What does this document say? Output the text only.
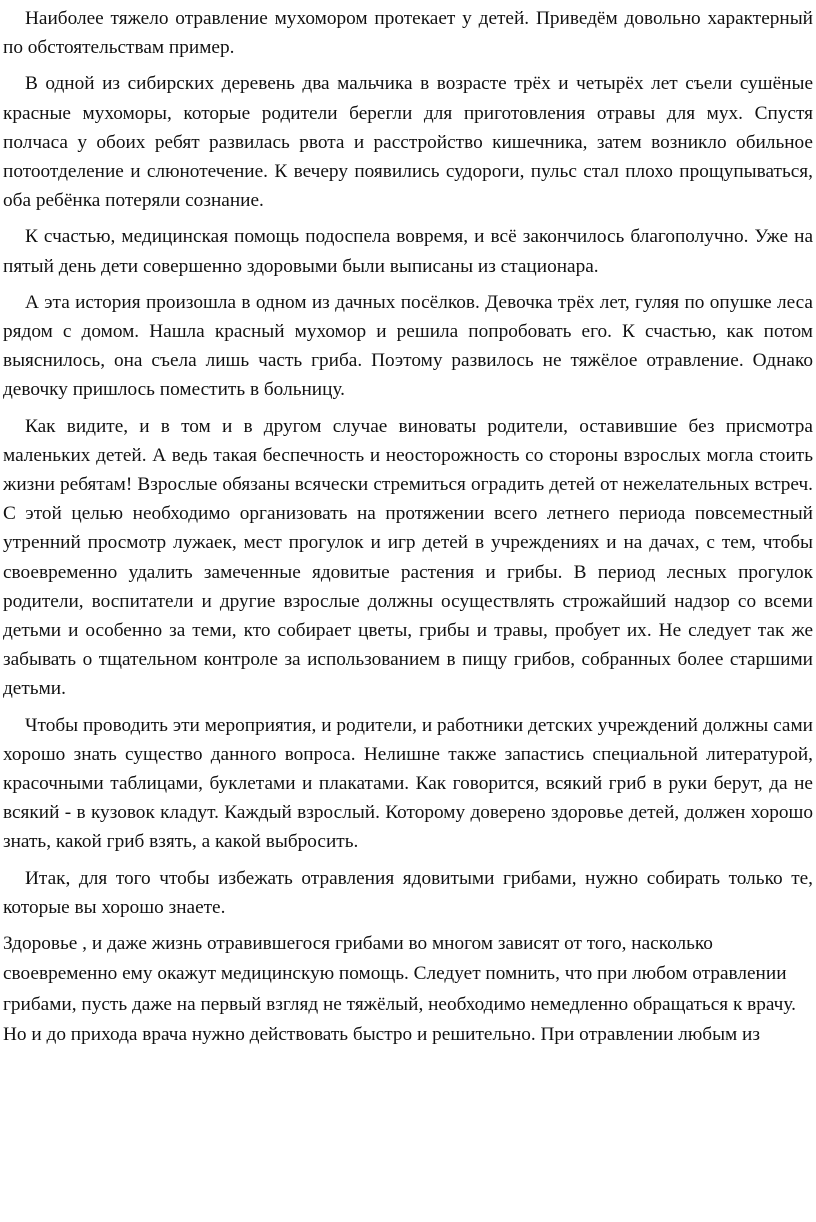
Наиболее тяжело отравление мухомором протекает у детей. Приведём довольно характерный по обстоятельствам пример.

В одной из сибирских деревень два мальчика в возрасте трёх и четырёх лет съели сушёные красные мухоморы, которые родители берегли для приготовления отравы для мух. Спустя полчаса у обоих ребят развилась рвота и расстройство кишечника, затем возникло обильное потоотделение и слюнотечение. К вечеру появились судороги, пульс стал плохо прощупываться, оба ребёнка потеряли сознание.

К счастью, медицинская помощь подоспела вовремя, и всё закончилось благополучно. Уже на пятый день дети совершенно здоровыми были выписаны из стационара.

А эта история произошла в одном из дачных посёлков. Девочка трёх лет, гуляя по опушке леса рядом с домом. Нашла красный мухомор и решила попробовать его. К счастью, как потом выяснилось, она съела лишь часть гриба. Поэтому развилось не тяжёлое отравление. Однако девочку пришлось поместить в больницу.

Как видите, и в том и в другом случае виноваты родители, оставившие без присмотра маленьких детей. А ведь такая беспечность и неосторожность со стороны взрослых могла стоить жизни ребятам! Взрослые обязаны всячески стремиться оградить детей от нежелательных встреч. С этой целью необходимо организовать на протяжении всего летнего периода повсеместный утренний просмотр лужаек, мест прогулок и игр детей в учреждениях и на дачах, с тем, чтобы своевременно удалить замеченные ядовитые растения и грибы. В период лесных прогулок родители, воспитатели и другие взрослые должны осуществлять строжайший надзор со всеми детьми и особенно за теми, кто собирает цветы, грибы и травы, пробует их. Не следует так же забывать о тщательном контроле за использованием в пищу грибов, собранных более старшими детьми.

Чтобы проводить эти мероприятия, и родители, и работники детских учреждений должны сами хорошо знать существо данного вопроса. Нелишне также запастись специальной литературой, красочными таблицами, буклетами и плакатами. Как говорится, всякий гриб в руки берут, да не всякий - в кузовок кладут. Каждый взрослый. Которому доверено здоровье детей, должен хорошо знать, какой гриб взять, а какой выбросить.

Итак, для того чтобы избежать отравления ядовитыми грибами, нужно собирать только те, которые вы хорошо знаете.

Здоровье , и даже жизнь отравившегося грибами во многом зависят от того, насколько своевременно ему окажут медицинскую помощь. Следует помнить, что при любом отравлении грибами, пусть даже на первый взгляд не тяжёлый, необходимо немедленно обращаться к врачу. Но и до прихода врача нужно действовать быстро и решительно. При отравлении любым из
